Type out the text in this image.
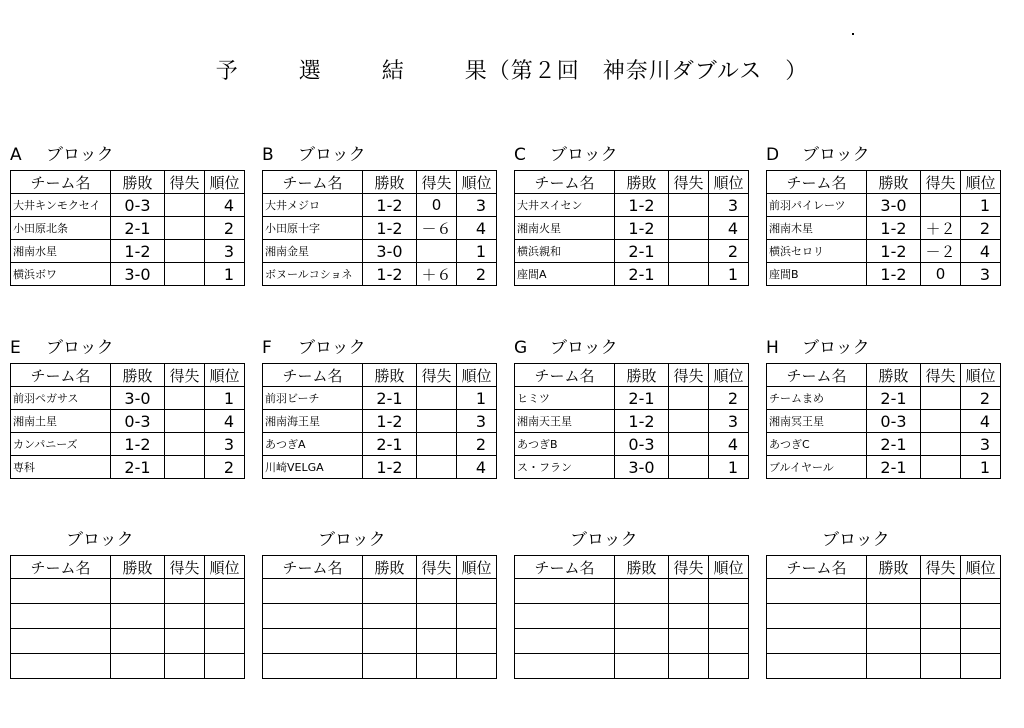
予	選	結	果（第２回　神奈川ダブルス　）
A ブロック
チーム名	勝敗	得失	順位
大井キンモクセイ	0-3		4
小田原北条	2-1		2
湘南水星	1-2		3
横浜ボワ	3-0		1
B ブロック
チーム名	勝敗	得失	順位
大井メジロ	1-2	0	3
小田原十字	1-2	－６	4
湘南金星	3-0		1
ボヌールコショネ	1-2	＋６	2
C ブロック
チーム名	勝敗	得失	順位
大井スイセン	1-2		3
湘南火星	1-2		4
横浜親和	2-1		2
座間A	2-1		1
D ブロック
チーム名	勝敗	得失	順位
前羽パイレーツ	3-0		1
湘南木星	1-2	＋２	2
横浜セロリ	1-2	－２	4
座間B	1-2	0	3
E ブロック
チーム名	勝敗	得失	順位
前羽ペガサス	3-0		1
湘南土星	0-3		4
カンパニーズ	1-2		3
専科	2-1		2
F ブロック
チーム名	勝敗	得失	順位
前羽ビーチ	2-1		1
湘南海王星	1-2		3
あつぎA	2-1		2
川崎VELGA	1-2		4
G ブロック
チーム名	勝敗	得失	順位
ヒミツ	2-1		2
湘南天王星	1-2		3
あつぎB	0-3		4
ス・フラン	3-0		1
H ブロック
チーム名	勝敗	得失	順位
チームまめ	2-1		2
湘南冥王星	0-3		4
あつぎC	2-1		3
ブルイヤール	2-1		1
ブロック
チーム名	勝敗	得失	順位

ブロック
チーム名	勝敗	得失	順位

ブロック
チーム名	勝敗	得失	順位

ブロック
チーム名	勝敗	得失	順位
